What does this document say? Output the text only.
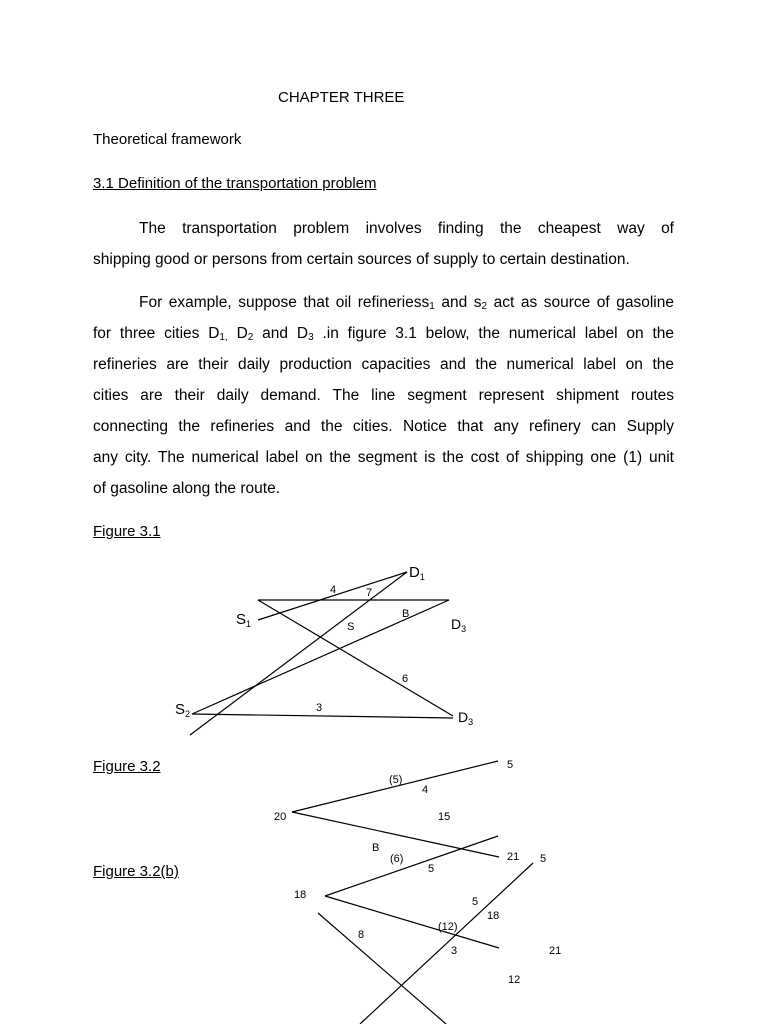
CHAPTER THREE
Theoretical framework
3.1 Definition of the transportation problem
The transportation problem involves finding the cheapest way of
shipping good or persons from certain sources of supply to certain destination.
For example, suppose that oil refineriess$_1$ and $s_2$ act as source of gasoline
for three cities $D_{1,}$ $D_2$ and $D_3$ .in figure 3.1 below, the numerical label on the
refineries are their daily production capacities and the numerical label on the
cities are their daily demand. The line segment represent shipment routes
connecting the refineries and the cities. Notice that any refinery can Supply
any city. The numerical label on the segment is the cost of shipping one (1) unit
of gasoline along the route.
Figure 3.1
Figure 3.2
Figure 3.2(b)
$D_1$
$S_1$	$D_3$
$S_2$	$D_3$
4	7
B
S
6
3
5
(5)
4
20	15
B
(6)	21 5
5
18
5
18
8
(12)
3	21
12
